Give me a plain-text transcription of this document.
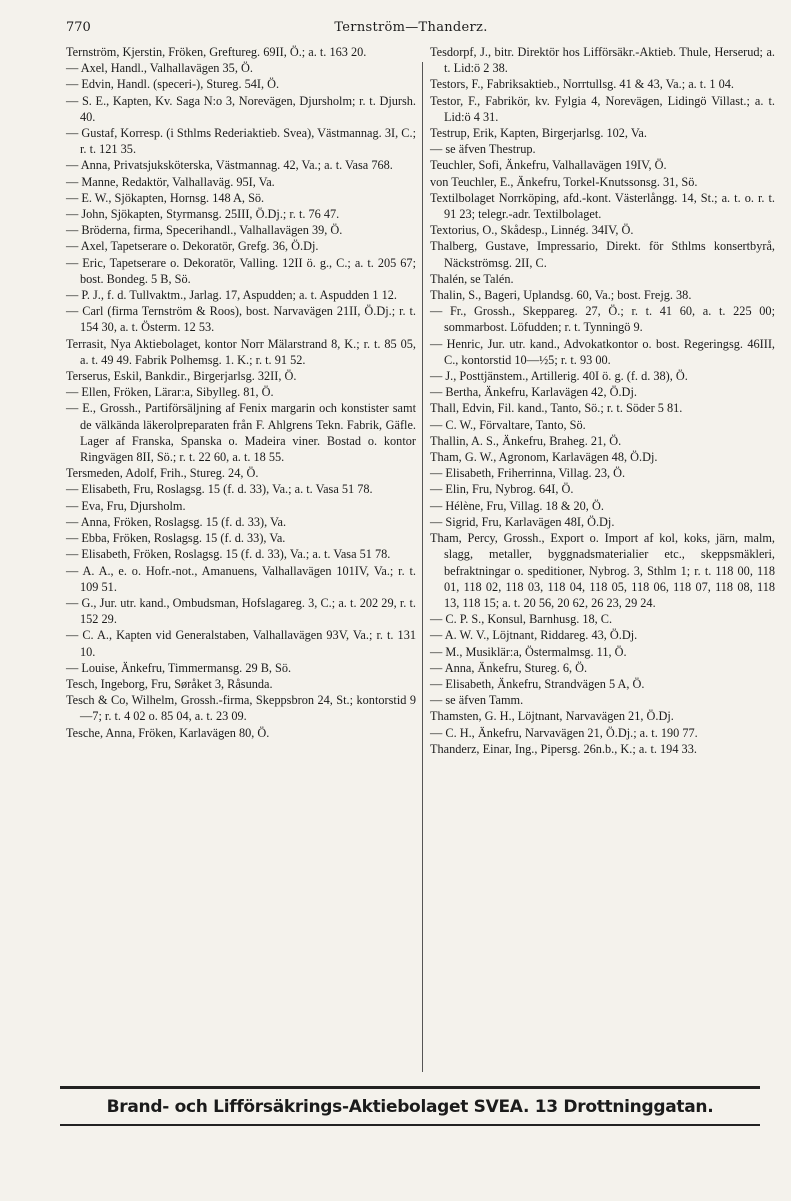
770	Ternström—Thanderz.

Ternström, Kjerstin, Fröken, Greftureg. 69II, Ö.; a. t. 163 20.

— Axel, Handl., Valhallavägen 35, Ö.

— Edvin, Handl. (speceri-), Stureg. 54I, Ö.

— S. E., Kapten, Kv. Saga N:o 3, Norevägen, Djursholm; r. t. Djursh. 40.

— Gustaf, Korresp. (i Sthlms Rederiaktieb. Svea), Västmannag. 3I, C.; r. t. 121 35.

— Anna, Privatsjuksköterska, Västmannag. 42, Va.; a. t. Vasa 768.

— Manne, Redaktör, Valhallaväg. 95I, Va.

— E. W., Sjökapten, Hornsg. 148 A, Sö.

— John, Sjökapten, Styrmansg. 25III, Ö.Dj.; r. t. 76 47.

— Bröderna, firma, Specerihandl., Valhallavägen 39, Ö.

— Axel, Tapetserare o. Dekoratör, Grefg. 36, Ö.Dj.

— Eric, Tapetserare o. Dekoratör, Valling. 12II ö. g., C.; a. t. 205 67; bost. Bondeg. 5 B, Sö.

— P. J., f. d. Tullvaktm., Jarlag. 17, Aspudden; a. t. Aspudden 1 12.

— Carl (firma Ternström & Roos), bost. Narvavägen 21II, Ö.Dj.; r. t. 154 30, a. t. Österm. 12 53.

Terrasit, Nya Aktiebolaget, kontor Norr Mälarstrand 8, K.; r. t. 85 05, a. t. 49 49. Fabrik Polhemsg. 1. K.; r. t. 91 52.

Terserus, Eskil, Bankdir., Birgerjarlsg. 32II, Ö.

— Ellen, Fröken, Lärar:a, Sibylleg. 81, Ö.

— E., Grossh., Partiförsäljning af Fenix margarin och konstister samt de välkända läkerolpreparaten från F. Ahlgrens Tekn. Fabrik, Gäfle. Lager af Franska, Spanska o. Madeira viner. Bostad o. kontor Ringvägen 8II, Sö.; r. t. 22 60, a. t. 18 55.

Tersmeden, Adolf, Frih., Stureg. 24, Ö.

— Elisabeth, Fru, Roslagsg. 15 (f. d. 33), Va.; a. t. Vasa 51 78.

— Eva, Fru, Djursholm.

— Anna, Fröken, Roslagsg. 15 (f. d. 33), Va.

— Ebba, Fröken, Roslagsg. 15 (f. d. 33), Va.

— Elisabeth, Fröken, Roslagsg. 15 (f. d. 33), Va.; a. t. Vasa 51 78.

— A. A., e. o. Hofr.-not., Amanuens, Valhallavägen 101IV, Va.; r. t. 109 51.

— G., Jur. utr. kand., Ombudsman, Hofslagareg. 3, C.; a. t. 202 29, r. t. 152 29.

— C. A., Kapten vid Generalstaben, Valhallavägen 93V, Va.; r. t. 131 10.

— Louise, Änkefru, Timmermansg. 29 B, Sö.

Tesch, Ingeborg, Fru, Søråket 3, Råsunda.

Tesch & Co, Wilhelm, Grossh.-firma, Skeppsbron 24, St.; kontorstid 9—7; r. t. 4 02 o. 85 04, a. t. 23 09.

Tesche, Anna, Fröken, Karlavägen 80, Ö.

Tesdorpf, J., bitr. Direktör hos Lifförsäkr.-Aktieb. Thule, Herserud; a. t. Lid:ö 2 38.

Testors, F., Fabriksaktieb., Norrtullsg. 41 & 43, Va.; a. t. 1 04.

Testor, F., Fabrikör, kv. Fylgia 4, Norevägen, Lidingö Villast.; a. t. Lid:ö 4 31.

Testrup, Erik, Kapten, Birgerjarlsg. 102, Va.

— se äfven Thestrup.

Teuchler, Sofi, Änkefru, Valhallavägen 19IV, Ö.

von Teuchler, E., Änkefru, Torkel-Knutssonsg. 31, Sö.

Textilbolaget Norrköping, afd.-kont. Västerlångg. 14, St.; a. t. o. r. t. 91 23; telegr.-adr. Textilbolaget.

Textorius, O., Skådesp., Linnég. 34IV, Ö.

Thalberg, Gustave, Impressario, Direkt. för Sthlms konsertbyrå, Näckströmsg. 2II, C.

Thalén, se Talén.

Thalin, S., Bageri, Uplandsg. 60, Va.; bost. Frejg. 38.

— Fr., Grossh., Skeppareg. 27, Ö.; r. t. 41 60, a. t. 225 00; sommarbost. Löfudden; r. t. Tynningö 9.

— Henric, Jur. utr. kand., Advokatkontor o. bost. Regeringsg. 46III, C., kontorstid 10—½5; r. t. 93 00.

— J., Posttjänstem., Artillerig. 40I ö. g. (f. d. 38), Ö.

— Bertha, Änkefru, Karlavägen 42, Ö.Dj.

Thall, Edvin, Fil. kand., Tanto, Sö.; r. t. Söder 5 81.

— C. W., Förvaltare, Tanto, Sö.

Thallin, A. S., Änkefru, Braheg. 21, Ö.

Tham, G. W., Agronom, Karlavägen 48, Ö.Dj.

— Elisabeth, Friherrinna, Villag. 23, Ö.

— Elin, Fru, Nybrog. 64I, Ö.

— Hélène, Fru, Villag. 18 & 20, Ö.

— Sigrid, Fru, Karlavägen 48I, Ö.Dj.

Tham, Percy, Grossh., Export o. Import af kol, koks, järn, malm, slagg, metaller, byggnadsmaterialier etc., skeppsmäkleri, befraktningar o. speditioner, Nybrog. 3, Sthlm 1; r. t. 118 00, 118 01, 118 02, 118 03, 118 04, 118 05, 118 06, 118 07, 118 08, 118 13, 118 15; a. t. 20 56, 20 62, 26 23, 29 24.

— C. P. S., Konsul, Barnhusg. 18, C.

— A. W. V., Löjtnant, Riddareg. 43, Ö.Dj.

— M., Musiklär:a, Östermalmsg. 11, Ö.

— Anna, Änkefru, Stureg. 6, Ö.

— Elisabeth, Änkefru, Strandvägen 5 A, Ö.

— se äfven Tamm.

Thamsten, G. H., Löjtnant, Narvavägen 21, Ö.Dj.

— C. H., Änkefru, Narvavägen 21, Ö.Dj.; a. t. 190 77.

Thanderz, Einar, Ing., Pipersg. 26n.b., K.; a. t. 194 33.

Brand- och Lifförsäkrings-Aktiebolaget SVEA. 13 Drottninggatan.
